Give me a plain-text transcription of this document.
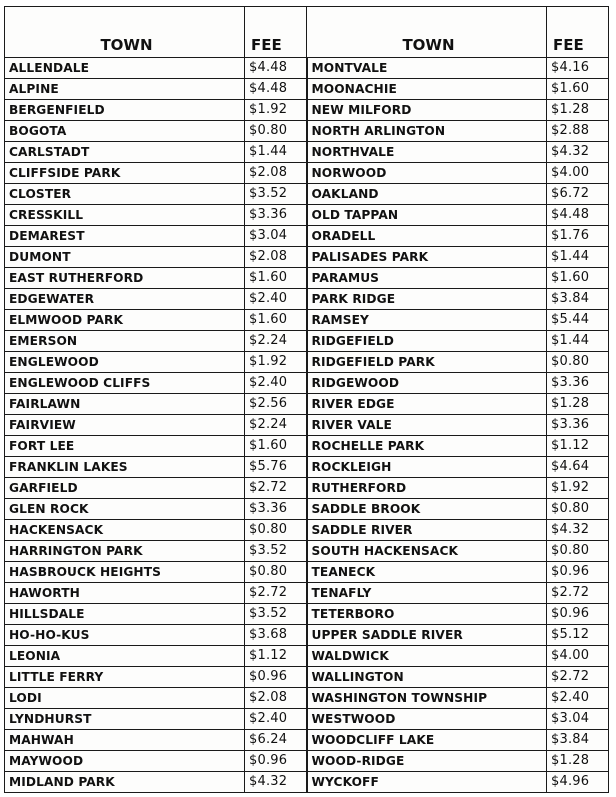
TOWN	FEE	TOWN	FEE
ALLENDALE	$4.48	MONTVALE	$4.16
ALPINE	$4.48	MOONACHIE	$1.60
BERGENFIELD	$1.92	NEW MILFORD	$1.28
BOGOTA	$0.80	NORTH ARLINGTON	$2.88
CARLSTADT	$1.44	NORTHVALE	$4.32
CLIFFSIDE PARK	$2.08	NORWOOD	$4.00
CLOSTER	$3.52	OAKLAND	$6.72
CRESSKILL	$3.36	OLD TAPPAN	$4.48
DEMAREST	$3.04	ORADELL	$1.76
DUMONT	$2.08	PALISADES PARK	$1.44
EAST RUTHERFORD	$1.60	PARAMUS	$1.60
EDGEWATER	$2.40	PARK RIDGE	$3.84
ELMWOOD PARK	$1.60	RAMSEY	$5.44
EMERSON	$2.24	RIDGEFIELD	$1.44
ENGLEWOOD	$1.92	RIDGEFIELD PARK	$0.80
ENGLEWOOD CLIFFS	$2.40	RIDGEWOOD	$3.36
FAIRLAWN	$2.56	RIVER EDGE	$1.28
FAIRVIEW	$2.24	RIVER VALE	$3.36
FORT LEE	$1.60	ROCHELLE PARK	$1.12
FRANKLIN LAKES	$5.76	ROCKLEIGH	$4.64
GARFIELD	$2.72	RUTHERFORD	$1.92
GLEN ROCK	$3.36	SADDLE BROOK	$0.80
HACKENSACK	$0.80	SADDLE RIVER	$4.32
HARRINGTON PARK	$3.52	SOUTH HACKENSACK	$0.80
HASBROUCK HEIGHTS	$0.80	TEANECK	$0.96
HAWORTH	$2.72	TENAFLY	$2.72
HILLSDALE	$3.52	TETERBORO	$0.96
HO-HO-KUS	$3.68	UPPER SADDLE RIVER	$5.12
LEONIA	$1.12	WALDWICK	$4.00
LITTLE FERRY	$0.96	WALLINGTON	$2.72
LODI	$2.08	WASHINGTON TOWNSHIP	$2.40
LYNDHURST	$2.40	WESTWOOD	$3.04
MAHWAH	$6.24	WOODCLIFF LAKE	$3.84
MAYWOOD	$0.96	WOOD-RIDGE	$1.28
MIDLAND PARK	$4.32	WYCKOFF	$4.96
